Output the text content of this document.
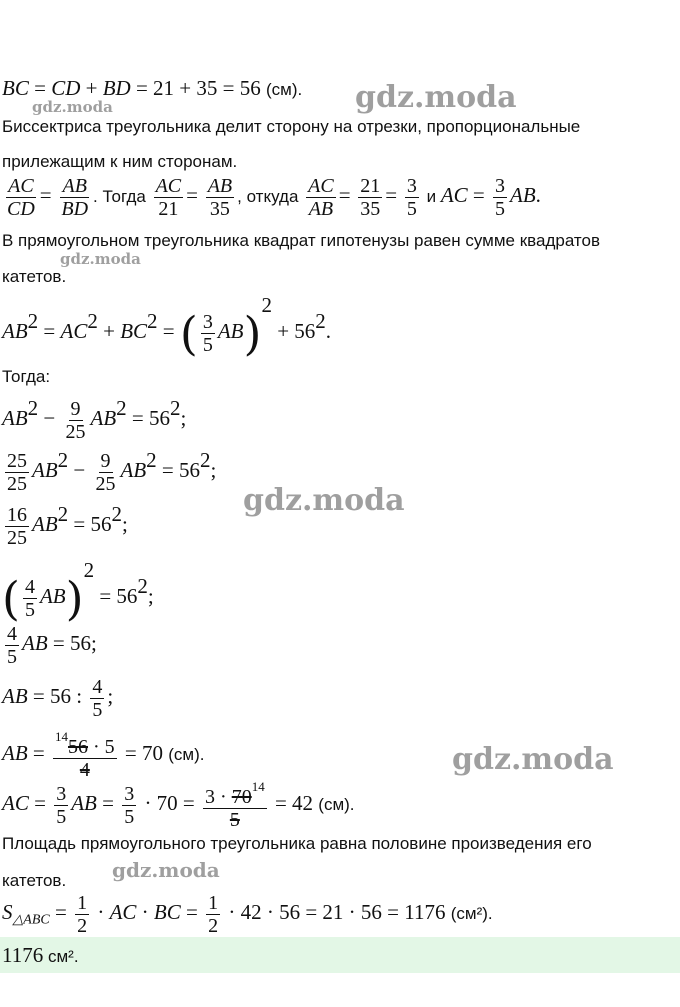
BC = CD + BD = 21 + 35 = 56 (см). gdz.moda
gdz.moda
Биссектриса треугольника делит сторону на отрезки, пропорциональные
прилежащим к ним сторонам.
$\frac{AC}{CD} = \frac{AB}{BD}$ . Тогда $\frac{AC}{21} = \frac{AB}{35}$ , откуда $\frac{AC}{AB} = \frac{21}{35} = \frac{3}{5}$ и AC = $\frac{3}{5}$ AB.
В прямоугольном треугольника квадрат гипотенузы равен сумме квадратов
катетов.
gdz.moda
$AB^2 = AC^2 + BC^2$ = ( $\frac{3}{5} AB)^2 + 56^2$.
Тогда:
$AB^2 - \frac{9}{25} AB^2 = 56^2$;
$\frac{25}{25} AB^2 - \frac{9}{25} AB^2 = 56^2$;
gdz.moda
$\frac{16}{25} AB^2 = 56^2$;
( $\frac{4}{5} AB)^2 = 56^2$;
$\frac{4}{5}$ AB = 56;
AB = 56 : $\frac{4}{5}$ ;
AB = $\frac{^{14}56 \cdot 5}{4} = 70$ (см).	gdz.moda
AC = $\frac{3}{5}$ AB = $\frac{3}{5} \cdot 70 = \frac{3 \cdot 70^{14}}{5} = 42$ (см).
Площадь прямоугольного треугольника равна половине произведения его
катетов. gdz.moda
$S_{\triangle ABC} = \frac{1}{2}$ · AC · BC = $\frac{1}{2} \cdot 42 \cdot 56 = 21 \cdot 56 = 1176$ (см²).
1176 см².
